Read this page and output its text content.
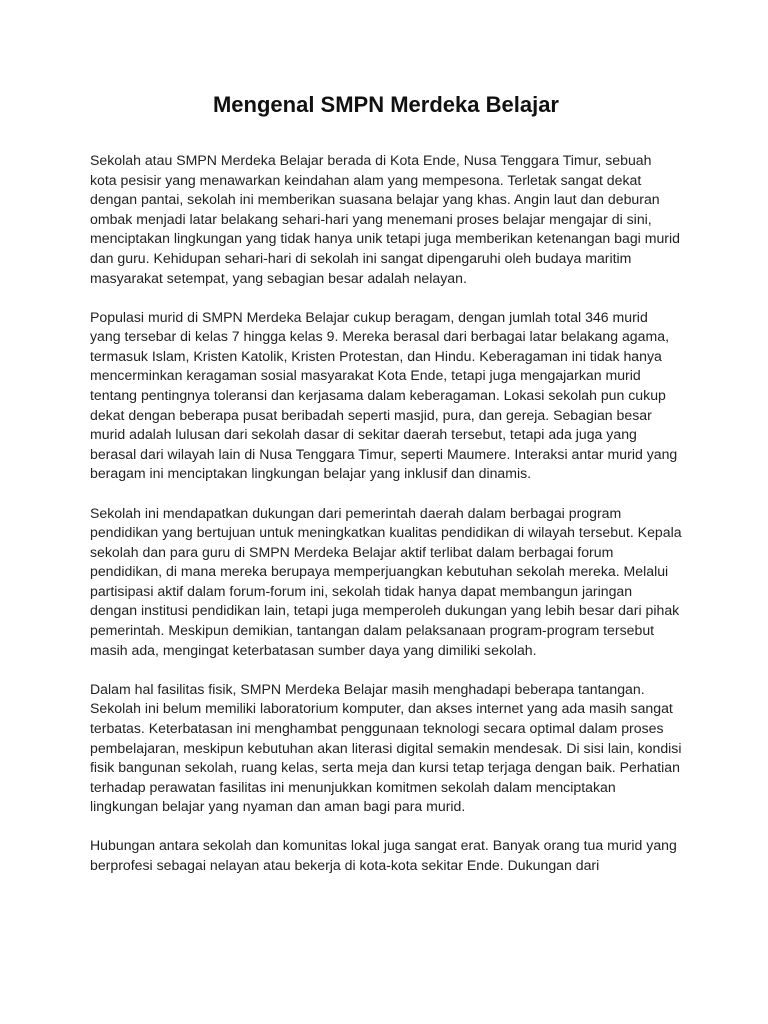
Mengenal SMPN Merdeka Belajar

Sekolah atau SMPN Merdeka Belajar berada di Kota Ende, Nusa Tenggara Timur, sebuah kota pesisir yang menawarkan keindahan alam yang mempesona. Terletak sangat dekat dengan pantai, sekolah ini memberikan suasana belajar yang khas. Angin laut dan deburan ombak menjadi latar belakang sehari-hari yang menemani proses belajar mengajar di sini, menciptakan lingkungan yang tidak hanya unik tetapi juga memberikan ketenangan bagi murid dan guru. Kehidupan sehari-hari di sekolah ini sangat dipengaruhi oleh budaya maritim masyarakat setempat, yang sebagian besar adalah nelayan.

Populasi murid di SMPN Merdeka Belajar cukup beragam, dengan jumlah total 346 murid yang tersebar di kelas 7 hingga kelas 9. Mereka berasal dari berbagai latar belakang agama, termasuk Islam, Kristen Katolik, Kristen Protestan, dan Hindu. Keberagaman ini tidak hanya mencerminkan keragaman sosial masyarakat Kota Ende, tetapi juga mengajarkan murid tentang pentingnya toleransi dan kerjasama dalam keberagaman. Lokasi sekolah pun cukup dekat dengan beberapa pusat beribadah seperti masjid, pura, dan gereja. Sebagian besar murid adalah lulusan dari sekolah dasar di sekitar daerah tersebut, tetapi ada juga yang berasal dari wilayah lain di Nusa Tenggara Timur, seperti Maumere. Interaksi antar murid yang beragam ini menciptakan lingkungan belajar yang inklusif dan dinamis.

Sekolah ini mendapatkan dukungan dari pemerintah daerah dalam berbagai program pendidikan yang bertujuan untuk meningkatkan kualitas pendidikan di wilayah tersebut. Kepala sekolah dan para guru di SMPN Merdeka Belajar aktif terlibat dalam berbagai forum pendidikan, di mana mereka berupaya memperjuangkan kebutuhan sekolah mereka. Melalui partisipasi aktif dalam forum-forum ini, sekolah tidak hanya dapat membangun jaringan dengan institusi pendidikan lain, tetapi juga memperoleh dukungan yang lebih besar dari pihak pemerintah. Meskipun demikian, tantangan dalam pelaksanaan program-program tersebut masih ada, mengingat keterbatasan sumber daya yang dimiliki sekolah.

Dalam hal fasilitas fisik, SMPN Merdeka Belajar masih menghadapi beberapa tantangan. Sekolah ini belum memiliki laboratorium komputer, dan akses internet yang ada masih sangat terbatas. Keterbatasan ini menghambat penggunaan teknologi secara optimal dalam proses pembelajaran, meskipun kebutuhan akan literasi digital semakin mendesak. Di sisi lain, kondisi fisik bangunan sekolah, ruang kelas, serta meja dan kursi tetap terjaga dengan baik. Perhatian terhadap perawatan fasilitas ini menunjukkan komitmen sekolah dalam menciptakan lingkungan belajar yang nyaman dan aman bagi para murid.

Hubungan antara sekolah dan komunitas lokal juga sangat erat. Banyak orang tua murid yang berprofesi sebagai nelayan atau bekerja di kota-kota sekitar Ende. Dukungan dari
